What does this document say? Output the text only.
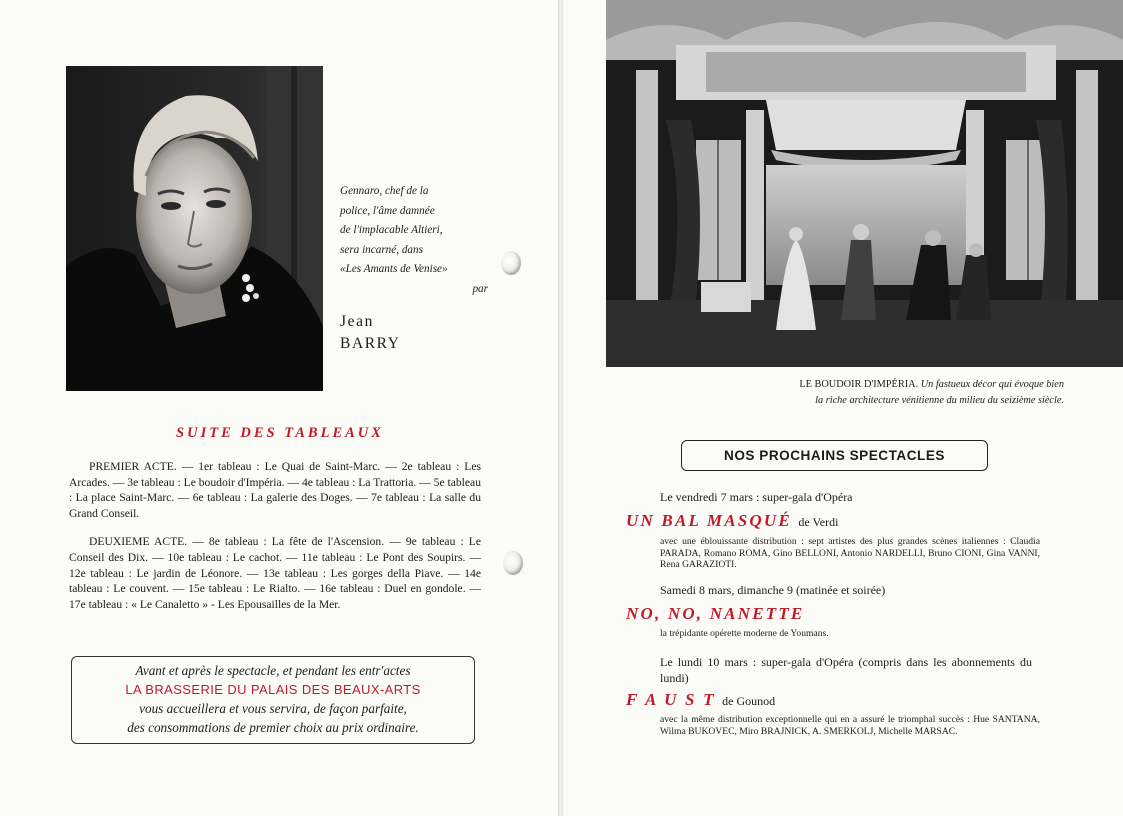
Gennaro, chef de la

police, l'âme damnée

de l'implacable Altieri,

sera incarné, dans

«Les Amants de Venise»

par

Jean
BARRY
SUITE DES TABLEAUX

PREMIER ACTE. — 1er tableau : Le Quai de Saint-Marc. — 2e tableau : Les Arcades. — 3e tableau : Le boudoir d'Impéria. — 4e tableau : La Trattoria. — 5e tableau : La place Saint-Marc. — 6e tableau : La galerie des Doges. — 7e tableau : La salle du Grand Conseil.

DEUXIEME ACTE. — 8e tableau : La fête de l'Ascension. — 9e tableau : Le Conseil des Dix. — 10e tableau : Le cachot. — 11e tableau : Le Pont des Soupirs. — 12e tableau : Le jardin de Léonore. — 13e tableau : Les gorges della Piave. — 14e tableau : Le couvent. — 15e tableau : Le Rialto. — 16e tableau : Duel en gondole. — 17e tableau : « Le Canaletto » - Les Epousailles de la Mer.

Avant et après le spectacle, et pendant les entr'actes
LA BRASSERIE DU PALAIS DES BEAUX-ARTS
vous accueillera et vous servira, de façon parfaite,
des consommations de premier choix au prix ordinaire.
LE BOUDOIR D'IMPÉRIA. Un fastueux décor qui évoque bien
la riche architecture vénitienne du milieu du seizième siècle.
NOS PROCHAINS SPECTACLES
Le vendredi 7 mars : super-gala d'Opéra
UN BAL MASQUÉ de Verdi
avec une éblouissante distribution : sept artistes des plus grandes scènes italiennes : Claudia PARADA, Romano ROMA, Gino BELLONI, Antonio NARDELLI, Bruno CIONI, Gina VANNI, Rena GARAZIOTI.
Samedi 8 mars, dimanche 9 (matinée et soirée)
NO, NO, NANETTE
la trépidante opérette moderne de Youmans.
Le lundi 10 mars : super-gala d'Opéra (compris dans les abonnements du lundi)
F A U S T de Gounod
avec la même distribution exceptionnelle qui en a assuré le triomphal succès : Hue SANTANA, Wilma BUKOVEC, Miro BRAJNICK, A. SMERKOLJ, Michelle MARSAC.
